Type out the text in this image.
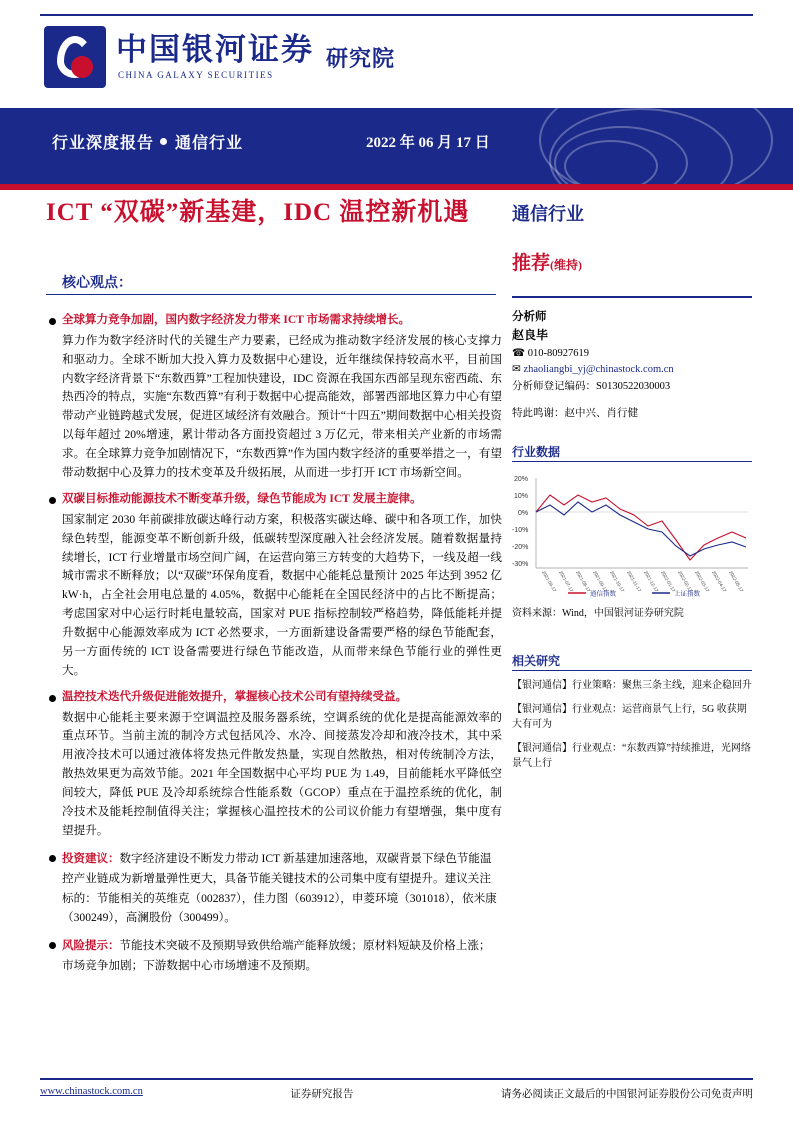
中国银河证券
CHINA GALAXY SECURITIES
研究院
行业深度报告 通信行业	2022 年 06 月 17 日
ICT “双碳”新基建，IDC 温控新机遇	通信行业
推荐(维持)
核心观点：
全球算力竞争加剧，国内数字经济发力带来 ICT 市场需求持续增长。
算力作为数字经济时代的关键生产力要素，已经成为推动数字经济发展的核心支撑力和驱动力。全球不断加大投入算力及数据中心建设，近年继续保持较高水平，目前国内数字经济背景下“东数西算”工程加快建设，IDC 资源在我国东西部呈现东密西疏、东热西冷的特点，实施“东数西算”有利于数据中心提高能效，部署西部地区算力中心有望带动产业链跨越式发展，促进区域经济有效融合。预计“十四五”期间数据中心相关投资以每年超过 20%增速，累计带动各方面投资超过 3 万亿元，带来相关产业新的市场需求。在全球算力竞争加剧情况下，“东数西算”作为国内数字经济的重要举措之一，有望带动数据中心及算力的技术变革及升级拓展，从而进一步打开 ICT 市场新空间。
双碳目标推动能源技术不断变革升级，绿色节能成为 ICT 发展主旋律。
国家制定 2030 年前碳排放碳达峰行动方案，积极落实碳达峰、碳中和各项工作，加快绿色转型，能源变革不断创新升级，低碳转型深度融入社会经济发展。随着数据量持续增长，ICT 行业增量市场空间广阔，在运营向第三方转变的大趋势下，一线及超一线城市需求不断释放；以“双碳”环保角度看，数据中心能耗总量预计 2025 年达到 3952 亿 kW·h，占全社会用电总量的 4.05%，数据中心能耗在全国民经济中的占比不断提高；考虑国家对中心运行时耗电量较高，国家对 PUE 指标控制较严格趋势，降低能耗并提升数据中心能源效率成为 ICT 必然要求，一方面新建设备需要严格的绿色节能配套，另一方面传统的 ICT 设备需要进行绿色节能改造，从而带来绿色节能行业的弹性更大。
温控技术迭代升级促进能效提升，掌握核心技术公司有望持续受益。
数据中心能耗主要来源于空调温控及服务器系统，空调系统的优化是提高能源效率的重点环节。当前主流的制冷方式包括风冷、水冷、间接蒸发冷却和液冷技术，其中采用液冷技术可以通过液体将发热元件散发热量，实现自然散热，相对传统制冷方法，散热效果更为高效节能。2021 年全国数据中心平均 PUE 为 1.49，目前能耗水平降低空间较大，降低 PUE 及冷却系统综合性能系数（GCOP）重点在于温控系统的优化，制冷技术及能耗控制值得关注；掌握核心温控技术的公司议价能力有望增强，集中度有望提升。
投资建议：数字经济建设不断发力带动 ICT 新基建加速落地，双碳背景下绿色节能温控产业链成为新增量弹性更大，具备节能关键技术的公司集中度有望提升。建议关注标的：节能相关的英维克（002837），佳力图（603912），申菱环境（301018），依米康（300249），高澜股份（300499）。
风险提示：节能技术突破不及预期导致供给端产能释放缓；原材料短缺及价格上涨；市场竞争加剧；下游数据中心市场增速不及预期。
分析师
赵良毕
☎ 010-80927619
✉ zhaoliangbi_yj@chinastock.com.cn
分析师登记编码：S0130522030003
特此鸣谢：赵中兴、肖行健
行业数据
20%
10%
0%
-10%
-20%
-30%
2021-06-17 2021-07-17 2021-08-17 2021-09-17 2021-10-17 2021-11-17 2021-12-17 2022-01-17 2022-02-17 2022-03-17 2022-04-17 2022-05-17
通信指数	上证指数
资料来源：Wind，中国银河证券研究院
相关研究
【银河通信】行业策略：聚焦三条主线，迎来企稳回升
【银河通信】行业观点：运营商景气上行，5G 收获期大有可为
【银河通信】行业观点：“东数西算”持续推进，光网络景气上行
www.chinastock.com.cn	证券研究报告	请务必阅读正文最后的中国银河证券股份公司免责声明
